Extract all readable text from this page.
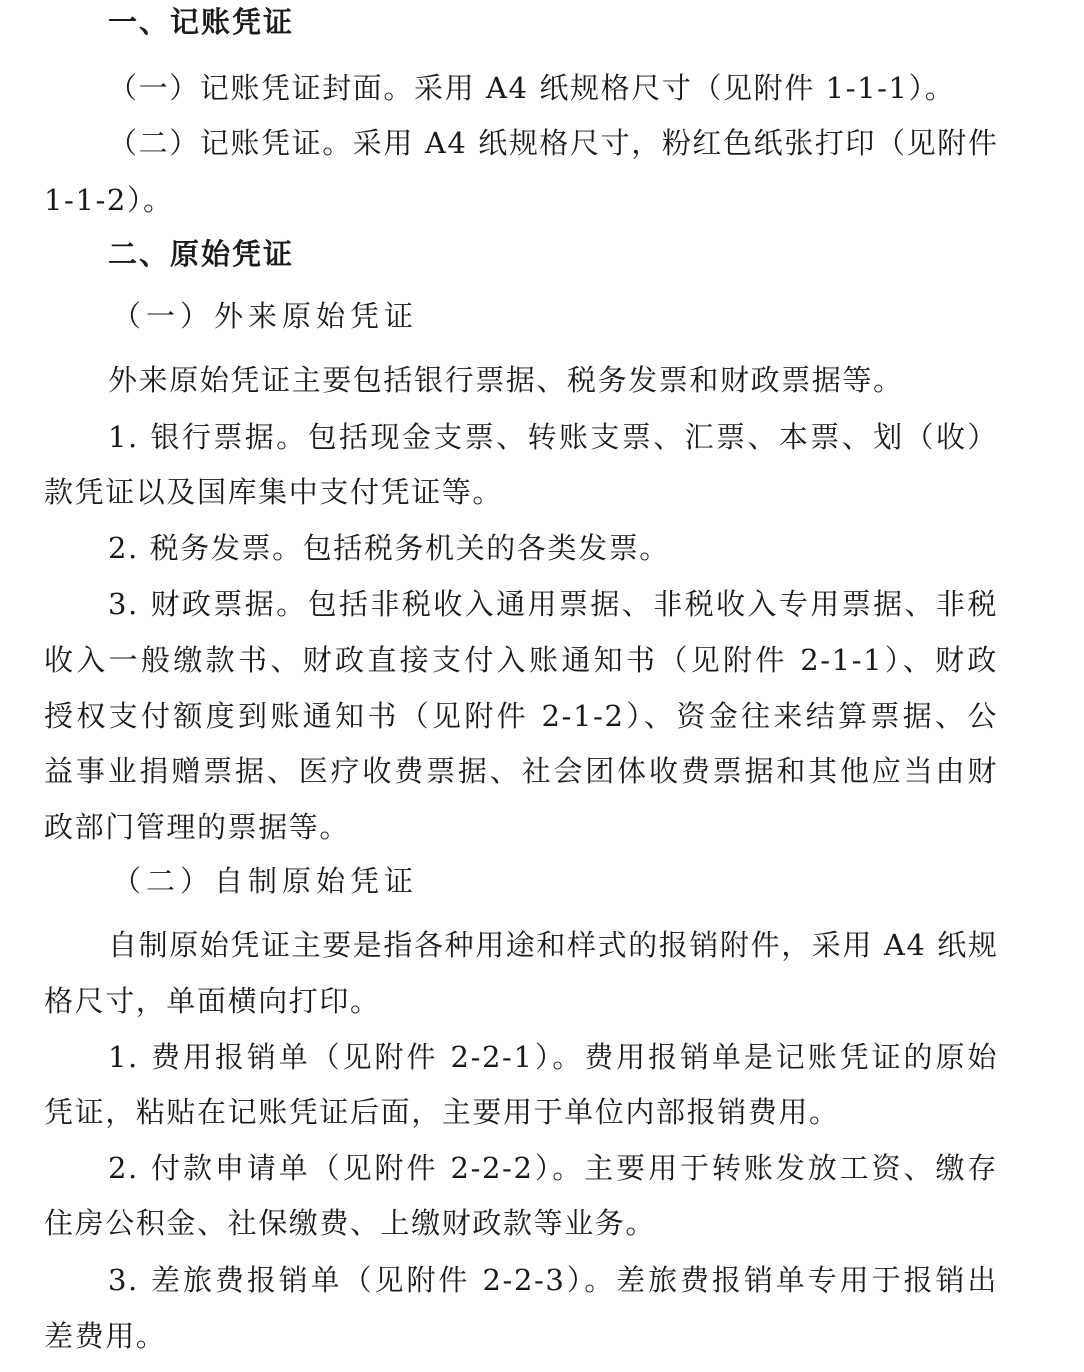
一、记账凭证
（一）记账凭证封面。采用 A4 纸规格尺寸（见附件 1-1-1）。
（二）记账凭证。采用 A4 纸规格尺寸，粉红色纸张打印（见附件
1-1-2）。
二、原始凭证
（一）外来原始凭证
外来原始凭证主要包括银行票据、税务发票和财政票据等。
1. 银行票据。包括现金支票、转账支票、汇票、本票、划（收）
款凭证以及国库集中支付凭证等。
2. 税务发票。包括税务机关的各类发票。
3. 财政票据。包括非税收入通用票据、非税收入专用票据、非税
收入一般缴款书、财政直接支付入账通知书（见附件 2-1-1）、财政
授权支付额度到账通知书（见附件 2-1-2）、资金往来结算票据、公
益事业捐赠票据、医疗收费票据、社会团体收费票据和其他应当由财
政部门管理的票据等。
（二）自制原始凭证
自制原始凭证主要是指各种用途和样式的报销附件，采用 A4 纸规
格尺寸，单面横向打印。
1. 费用报销单（见附件 2-2-1）。费用报销单是记账凭证的原始
凭证，粘贴在记账凭证后面，主要用于单位内部报销费用。
2. 付款申请单（见附件 2-2-2）。主要用于转账发放工资、缴存
住房公积金、社保缴费、上缴财政款等业务。
3. 差旅费报销单（见附件 2-2-3）。差旅费报销单专用于报销出
差费用。
